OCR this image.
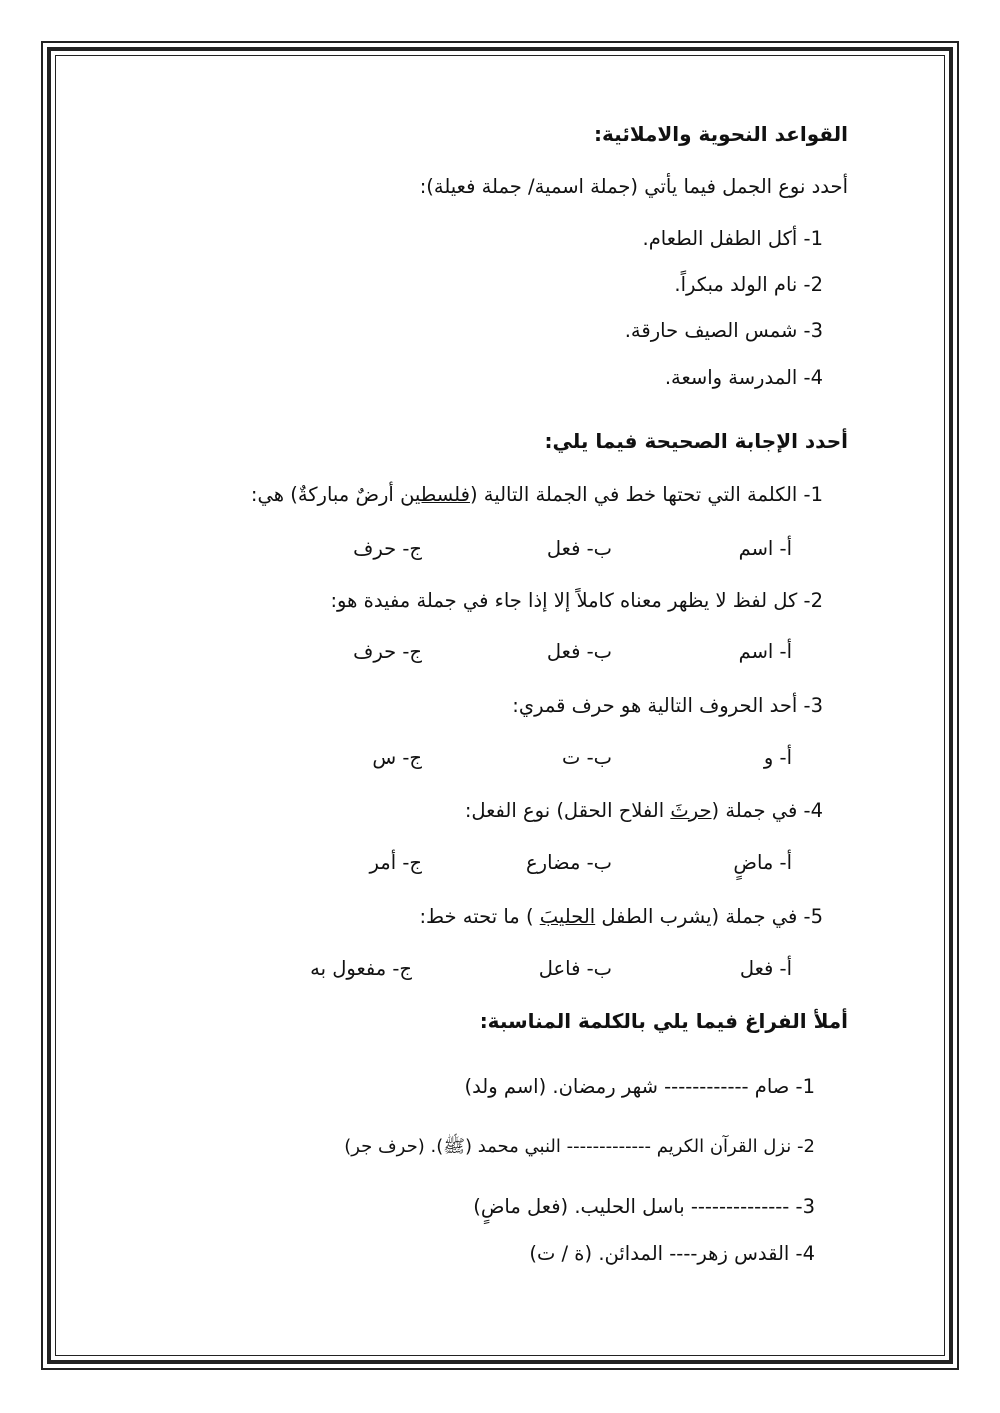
القواعد النحوية والاملائية:
أحدد نوع الجمل فيما يأتي (جملة اسمية/ جملة فعيلة):
1- أكل الطفل الطعام.
2- نام الولد مبكراً.
3- شمس الصيف حارقة.
4- المدرسة واسعة.
أحدد الإجابة الصحيحة فيما يلي:
1- الكلمة التي تحتها خط في الجملة التالية (فلسطين أرضٌ مباركةٌ) هي:
أ- اسم
ب- فعل
ج- حرف
2- كل لفظ لا يظهر معناه كاملاً إلا إذا جاء في جملة مفيدة هو:
أ- اسم
ب- فعل
ج- حرف
3- أحد الحروف التالية هو حرف قمري:
أ- و
ب- ت
ج- س
4- في جملة (حرثَ الفلاح الحقل) نوع الفعل:
أ- ماضٍ
ب- مضارع
ج- أمر
5- في جملة (يشرب الطفل الحليبَ ) ما تحته خط:
أ- فعل
ب- فاعل
ج- مفعول به
أملأ الفراغ فيما يلي بالكلمة المناسبة:
1- صام ------------ شهر رمضان. (اسم ولد)
2- نزل القرآن الكريم ------------- النبي محمد (ﷺ). (حرف جر)
3- -------------- باسل الحليب. (فعل ماضٍ)
4- القدس زهر---- المدائن. (ة / ت)
